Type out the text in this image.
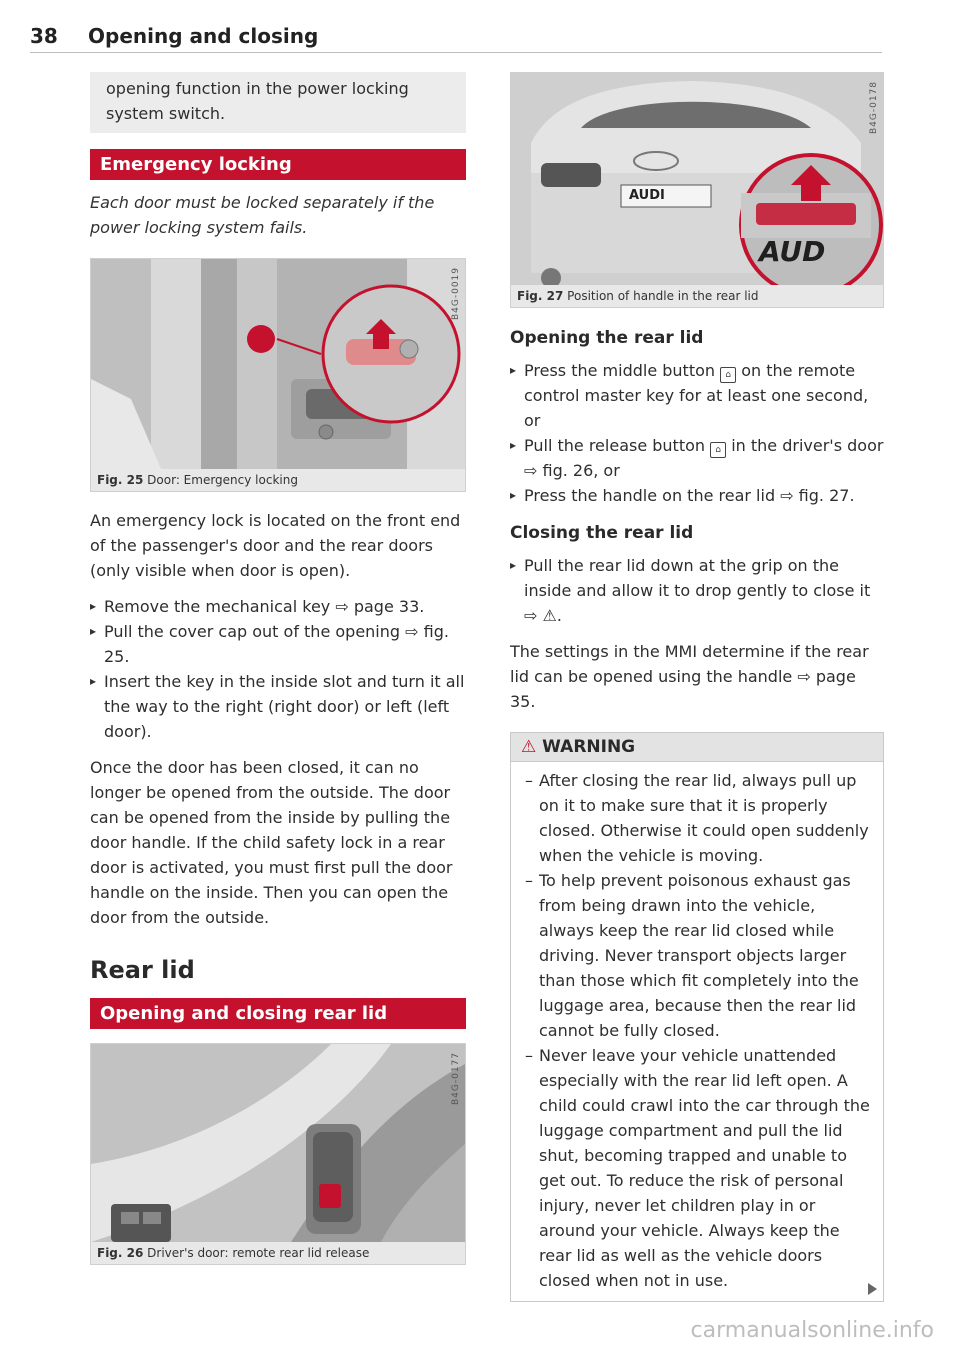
38 Opening and closing

opening function in the power locking system switch.

Emergency locking

Each door must be locked separately if the power locking system fails.

B4G-0019
Fig. 25 Door: Emergency locking

An emergency lock is located on the front end of the passenger's door and the rear doors (only visible when door is open).

▸ Remove the mechanical key ⇨ page 33.
▸ Pull the cover cap out of the opening ⇨ fig. 25.
▸ Insert the key in the inside slot and turn it all the way to the right (right door) or left (left door).

Once the door has been closed, it can no longer be opened from the outside. The door can be opened from the inside by pulling the door handle. If the child safety lock in a rear door is activated, you must first pull the door handle on the inside. Then you can open the door from the outside.

Rear lid

Opening and closing rear lid

B4G-0177
Fig. 26 Driver's door: remote rear lid release
AUDI
AUD
B4G-0178
Fig. 27 Position of handle in the rear lid

Opening the rear lid

▸ Press the middle button ⌂ on the remote control master key for at least one second, or
▸ Pull the release button ⌂ in the driver's door ⇨ fig. 26, or
▸ Press the handle on the rear lid ⇨ fig. 27.

Closing the rear lid

▸ Pull the rear lid down at the grip on the inside and allow it to drop gently to close it ⇨ ⚠.

The settings in the MMI determine if the rear lid can be opened using the handle ⇨ page 35.

⚠ WARNING
– After closing the rear lid, always pull up on it to make sure that it is properly closed. Otherwise it could open suddenly when the vehicle is moving.
– To help prevent poisonous exhaust gas from being drawn into the vehicle, always keep the rear lid closed while driving. Never transport objects larger than those which fit completely into the luggage area, because then the rear lid cannot be fully closed.
– Never leave your vehicle unattended especially with the rear lid left open. A child could crawl into the car through the luggage compartment and pull the lid shut, becoming trapped and unable to get out. To reduce the risk of personal injury, never let children play in or around your vehicle. Always keep the rear lid as well as the vehicle doors closed when not in use.
carmanualsonline.info
